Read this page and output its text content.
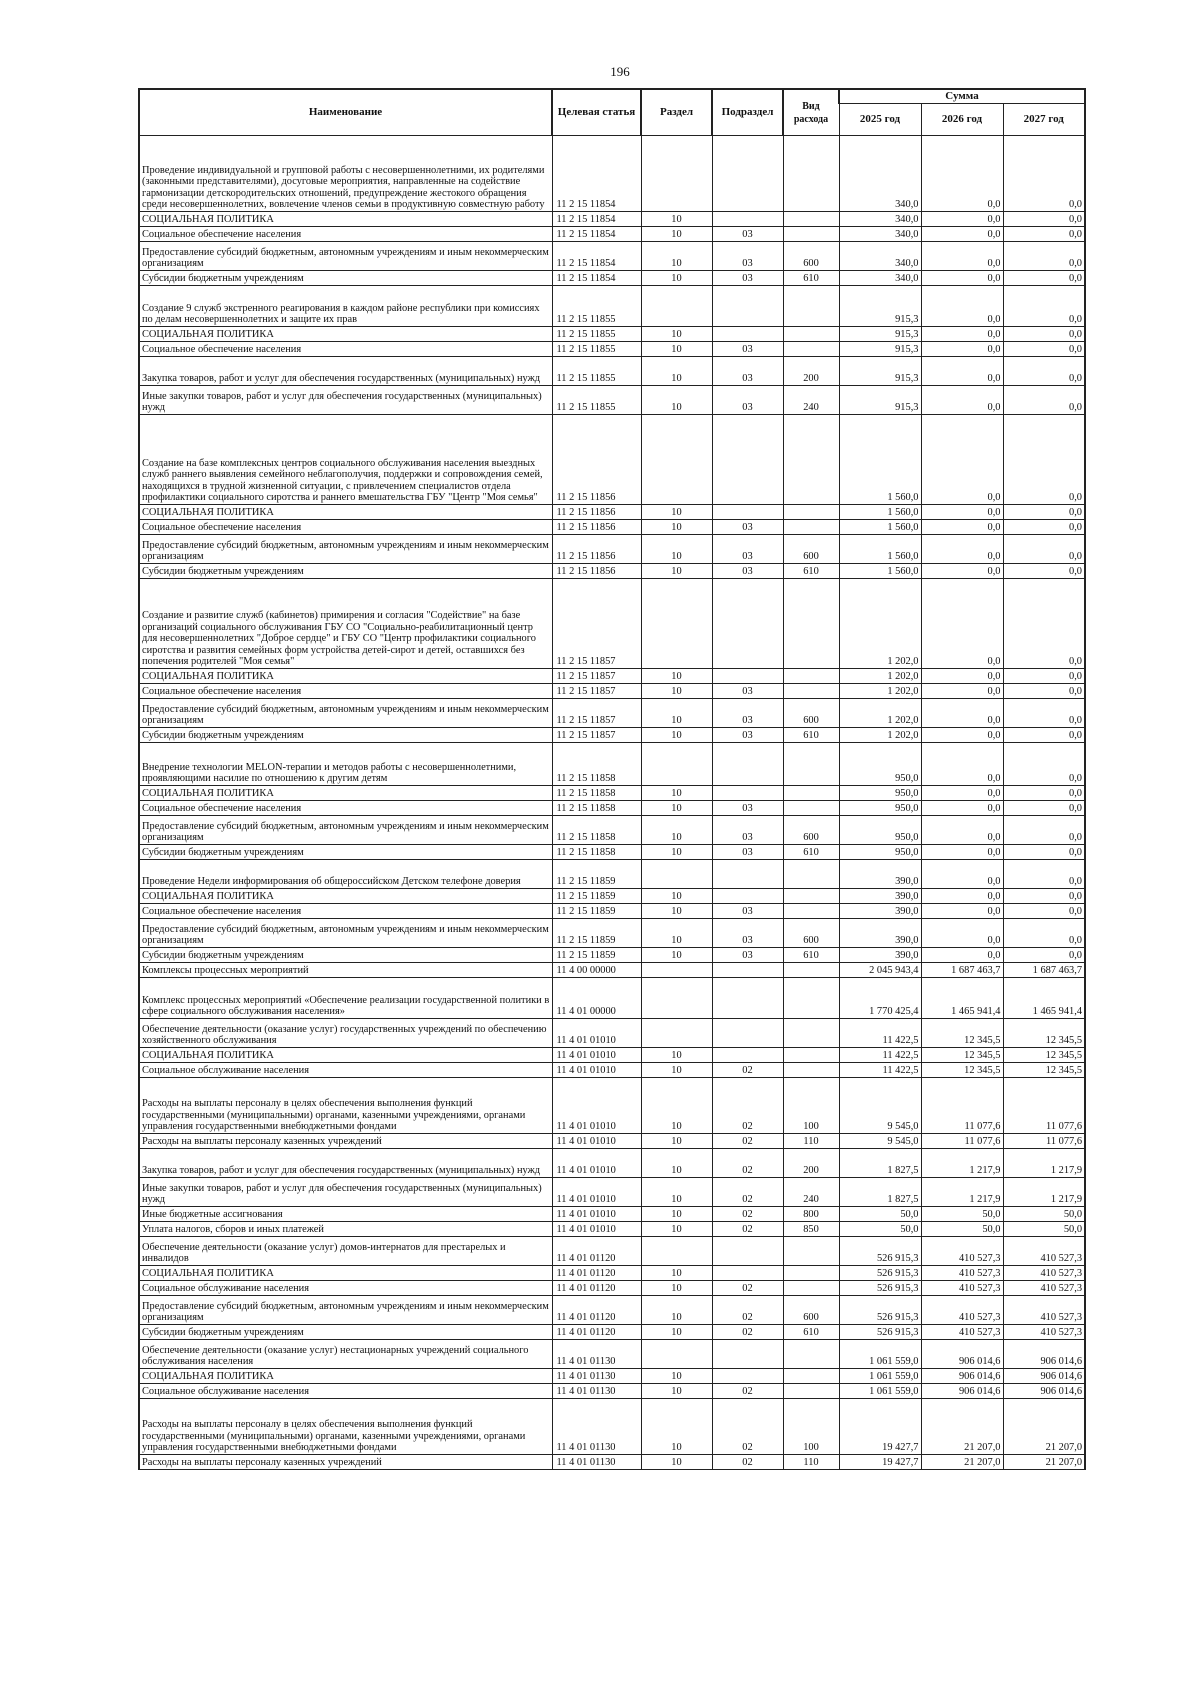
196
Наименование	Целевая статья	Раздел	Подраздел	Вид расхода	Сумма		
					2025 год	2026 год	2027 год
Проведение индивидуальной и групповой работы с несовершеннолетними, их родителями (законными представителями), досуговые мероприятия, направленные на содействие гармонизации детскородительских отношений, предупреждение жестокого обращения среди несовершеннолетних, вовлечение членов семьи в продуктивную совместную работу	11 2 15 11854				340,0	0,0	0,0
СОЦИАЛЬНАЯ ПОЛИТИКА	11 2 15 11854	10			340,0	0,0	0,0
Социальное обеспечение населения	11 2 15 11854	10	03		340,0	0,0	0,0
Предоставление субсидий бюджетным, автономным учреждениям и иным некоммерческим организациям	11 2 15 11854	10	03	600	340,0	0,0	0,0
Субсидии бюджетным учреждениям	11 2 15 11854	10	03	610	340,0	0,0	0,0
Создание 9 служб экстренного реагирования в каждом районе республики при комиссиях по делам несовершеннолетних и защите их прав	11 2 15 11855				915,3	0,0	0,0
СОЦИАЛЬНАЯ ПОЛИТИКА	11 2 15 11855	10			915,3	0,0	0,0
Социальное обеспечение населения	11 2 15 11855	10	03		915,3	0,0	0,0
Закупка товаров, работ и услуг для обеспечения государственных (муниципальных) нужд	11 2 15 11855	10	03	200	915,3	0,0	0,0
Иные закупки товаров, работ и услуг для обеспечения государственных (муниципальных) нужд	11 2 15 11855	10	03	240	915,3	0,0	0,0
Создание на базе комплексных центров социального обслуживания населения выездных служб раннего выявления семейного неблагополучия, поддержки и сопровождения семей, находящихся в трудной жизненной ситуации, с привлечением специалистов отдела профилактики социального сиротства и раннего вмешательства ГБУ "Центр "Моя семья"	11 2 15 11856				1 560,0	0,0	0,0
СОЦИАЛЬНАЯ ПОЛИТИКА	11 2 15 11856	10			1 560,0	0,0	0,0
Социальное обеспечение населения	11 2 15 11856	10	03		1 560,0	0,0	0,0
Предоставление субсидий бюджетным, автономным учреждениям и иным некоммерческим организациям	11 2 15 11856	10	03	600	1 560,0	0,0	0,0
Субсидии бюджетным учреждениям	11 2 15 11856	10	03	610	1 560,0	0,0	0,0
Создание и развитие служб (кабинетов) примирения и согласия "Содействие" на базе организаций социального обслуживания ГБУ СО "Социально-реабилитационный центр для несовершеннолетних "Доброе сердце" и ГБУ СО "Центр профилактики социального сиротства и развития семейных форм устройства детей-сирот и детей, оставшихся без попечения родителей "Моя семья"	11 2 15 11857				1 202,0	0,0	0,0
СОЦИАЛЬНАЯ ПОЛИТИКА	11 2 15 11857	10			1 202,0	0,0	0,0
Социальное обеспечение населения	11 2 15 11857	10	03		1 202,0	0,0	0,0
Предоставление субсидий бюджетным, автономным учреждениям и иным некоммерческим организациям	11 2 15 11857	10	03	600	1 202,0	0,0	0,0
Субсидии бюджетным учреждениям	11 2 15 11857	10	03	610	1 202,0	0,0	0,0
Внедрение технологии MELON-терапии и методов работы с несовершеннолетними, проявляющими насилие по отношению к другим детям	11 2 15 11858				950,0	0,0	0,0
СОЦИАЛЬНАЯ ПОЛИТИКА	11 2 15 11858	10			950,0	0,0	0,0
Социальное обеспечение населения	11 2 15 11858	10	03		950,0	0,0	0,0
Предоставление субсидий бюджетным, автономным учреждениям и иным некоммерческим организациям	11 2 15 11858	10	03	600	950,0	0,0	0,0
Субсидии бюджетным учреждениям	11 2 15 11858	10	03	610	950,0	0,0	0,0
Проведение Недели информирования об общероссийском Детском телефоне доверия	11 2 15 11859				390,0	0,0	0,0
СОЦИАЛЬНАЯ ПОЛИТИКА	11 2 15 11859	10			390,0	0,0	0,0
Социальное обеспечение населения	11 2 15 11859	10	03		390,0	0,0	0,0
Предоставление субсидий бюджетным, автономным учреждениям и иным некоммерческим организациям	11 2 15 11859	10	03	600	390,0	0,0	0,0
Субсидии бюджетным учреждениям	11 2 15 11859	10	03	610	390,0	0,0	0,0
Комплексы процессных мероприятий	11 4 00 00000				2 045 943,4	1 687 463,7	1 687 463,7
Комплекс процессных мероприятий «Обеспечение реализации государственной политики в сфере социального обслуживания населения»	11 4 01 00000				1 770 425,4	1 465 941,4	1 465 941,4
Обеспечение деятельности (оказание услуг) государственных учреждений по обеспечению хозяйственного обслуживания	11 4 01 01010				11 422,5	12 345,5	12 345,5
СОЦИАЛЬНАЯ ПОЛИТИКА	11 4 01 01010	10			11 422,5	12 345,5	12 345,5
Социальное обслуживание населения	11 4 01 01010	10	02		11 422,5	12 345,5	12 345,5
Расходы на выплаты персоналу в целях обеспечения выполнения функций государственными (муниципальными) органами, казенными учреждениями, органами управления государственными внебюджетными фондами	11 4 01 01010	10	02	100	9 545,0	11 077,6	11 077,6
Расходы на выплаты персоналу казенных учреждений	11 4 01 01010	10	02	110	9 545,0	11 077,6	11 077,6
Закупка товаров, работ и услуг для обеспечения государственных (муниципальных) нужд	11 4 01 01010	10	02	200	1 827,5	1 217,9	1 217,9
Иные закупки товаров, работ и услуг для обеспечения государственных (муниципальных) нужд	11 4 01 01010	10	02	240	1 827,5	1 217,9	1 217,9
Иные бюджетные ассигнования	11 4 01 01010	10	02	800	50,0	50,0	50,0
Уплата налогов, сборов и иных платежей	11 4 01 01010	10	02	850	50,0	50,0	50,0
Обеспечение деятельности (оказание услуг) домов-интернатов для престарелых и инвалидов	11 4 01 01120				526 915,3	410 527,3	410 527,3
СОЦИАЛЬНАЯ ПОЛИТИКА	11 4 01 01120	10			526 915,3	410 527,3	410 527,3
Социальное обслуживание населения	11 4 01 01120	10	02		526 915,3	410 527,3	410 527,3
Предоставление субсидий бюджетным, автономным учреждениям и иным некоммерческим организациям	11 4 01 01120	10	02	600	526 915,3	410 527,3	410 527,3
Субсидии бюджетным учреждениям	11 4 01 01120	10	02	610	526 915,3	410 527,3	410 527,3
Обеспечение деятельности (оказание услуг) нестационарных учреждений социального обслуживания населения	11 4 01 01130				1 061 559,0	906 014,6	906 014,6
СОЦИАЛЬНАЯ ПОЛИТИКА	11 4 01 01130	10			1 061 559,0	906 014,6	906 014,6
Социальное обслуживание населения	11 4 01 01130	10	02		1 061 559,0	906 014,6	906 014,6
Расходы на выплаты персоналу в целях обеспечения выполнения функций государственными (муниципальными) органами, казенными учреждениями, органами управления государственными внебюджетными фондами	11 4 01 01130	10	02	100	19 427,7	21 207,0	21 207,0
Расходы на выплаты персоналу казенных учреждений	11 4 01 01130	10	02	110	19 427,7	21 207,0	21 207,0
